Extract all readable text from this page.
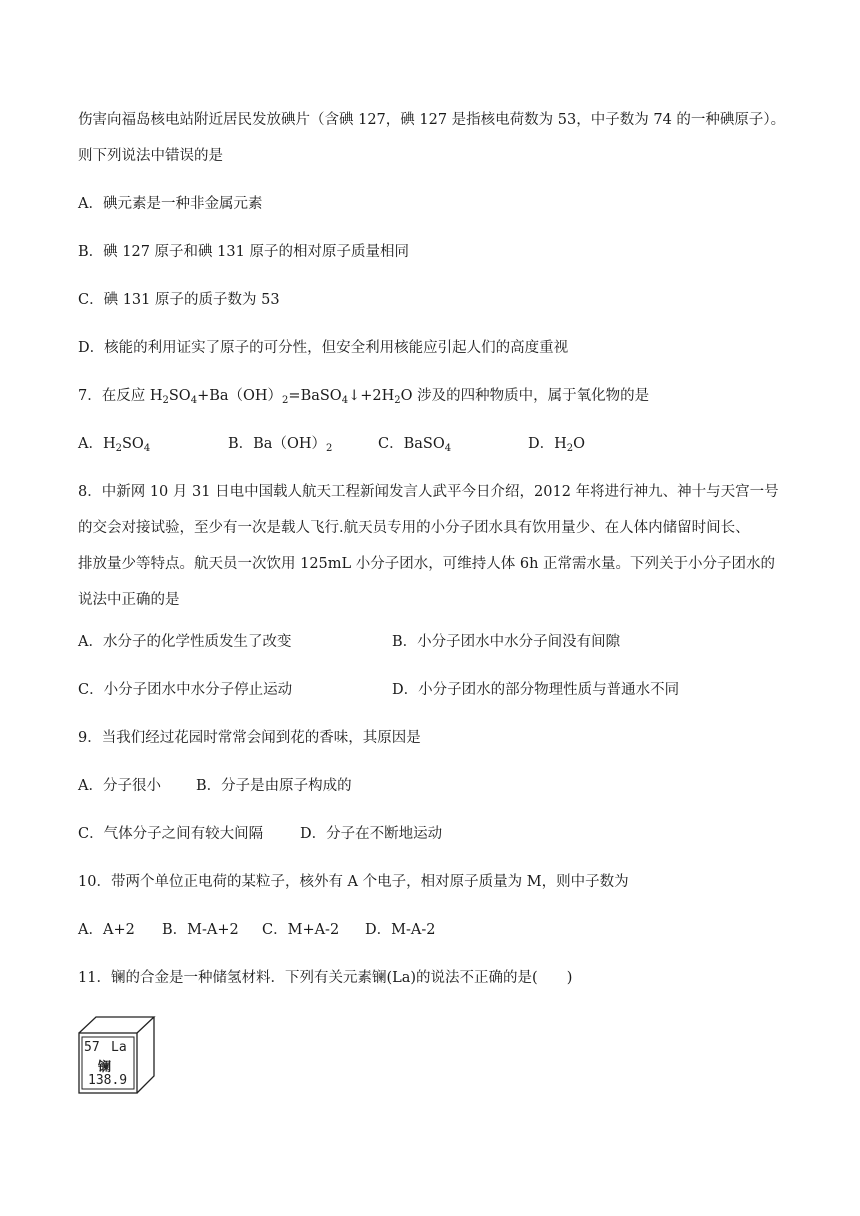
伤害向福岛核电站附近居民发放碘片（含碘 127，碘 127 是指核电荷数为 53，中子数为 74 的一种碘原子）。
则下列说法中错误的是
A．碘元素是一种非金属元素
B．碘 127 原子和碘 131 原子的相对原子质量相同
C．碘 131 原子的质子数为 53
D．核能的利用证实了原子的可分性，但安全利用核能应引起人们的高度重视
7．在反应 $H_2SO_4+Ba(OH)_2=BaSO_4↓+2H_2O$ 涉及的四种物质中，属于氧化物的是
A．$H_2SO_4$	B．$Ba(OH)_2$	C．BaSO$_4$	D．$H_2O$
8．中新网 10 月 31 日电中国载人航天工程新闻发言人武平今日介绍，2012 年将进行神九、神十与天宫一号
的交会对接试验，至少有一次是载人飞行.航天员专用的小分子团水具有饮用量少、在人体内储留时间长、
排放量少等特点。航天员一次饮用 125mL 小分子团水，可维持人体 6h 正常需水量。下列关于小分子团水的
说法中正确的是
A．水分子的化学性质发生了改变	B．小分子团水中水分子间没有间隙
C．小分子团水中水分子停止运动	D．小分子团水的部分物理性质与普通水不同
9．当我们经过花园时常常会闻到花的香味，其原因是
A．分子很小 B．分子是由原子构成的
C．气体分子之间有较大间隔	D．分子在不断地运动
10．带两个单位正电荷的某粒子，核外有 A 个电子，相对原子质量为 M，则中子数为
A．A+2 B．M-A+2 C．M+A-2 D．M-A-2
11．镧的合金是一种储氢材料．下列有关元素镧(La)的说法不正确的是(　　)
57 La
镧
138.9
